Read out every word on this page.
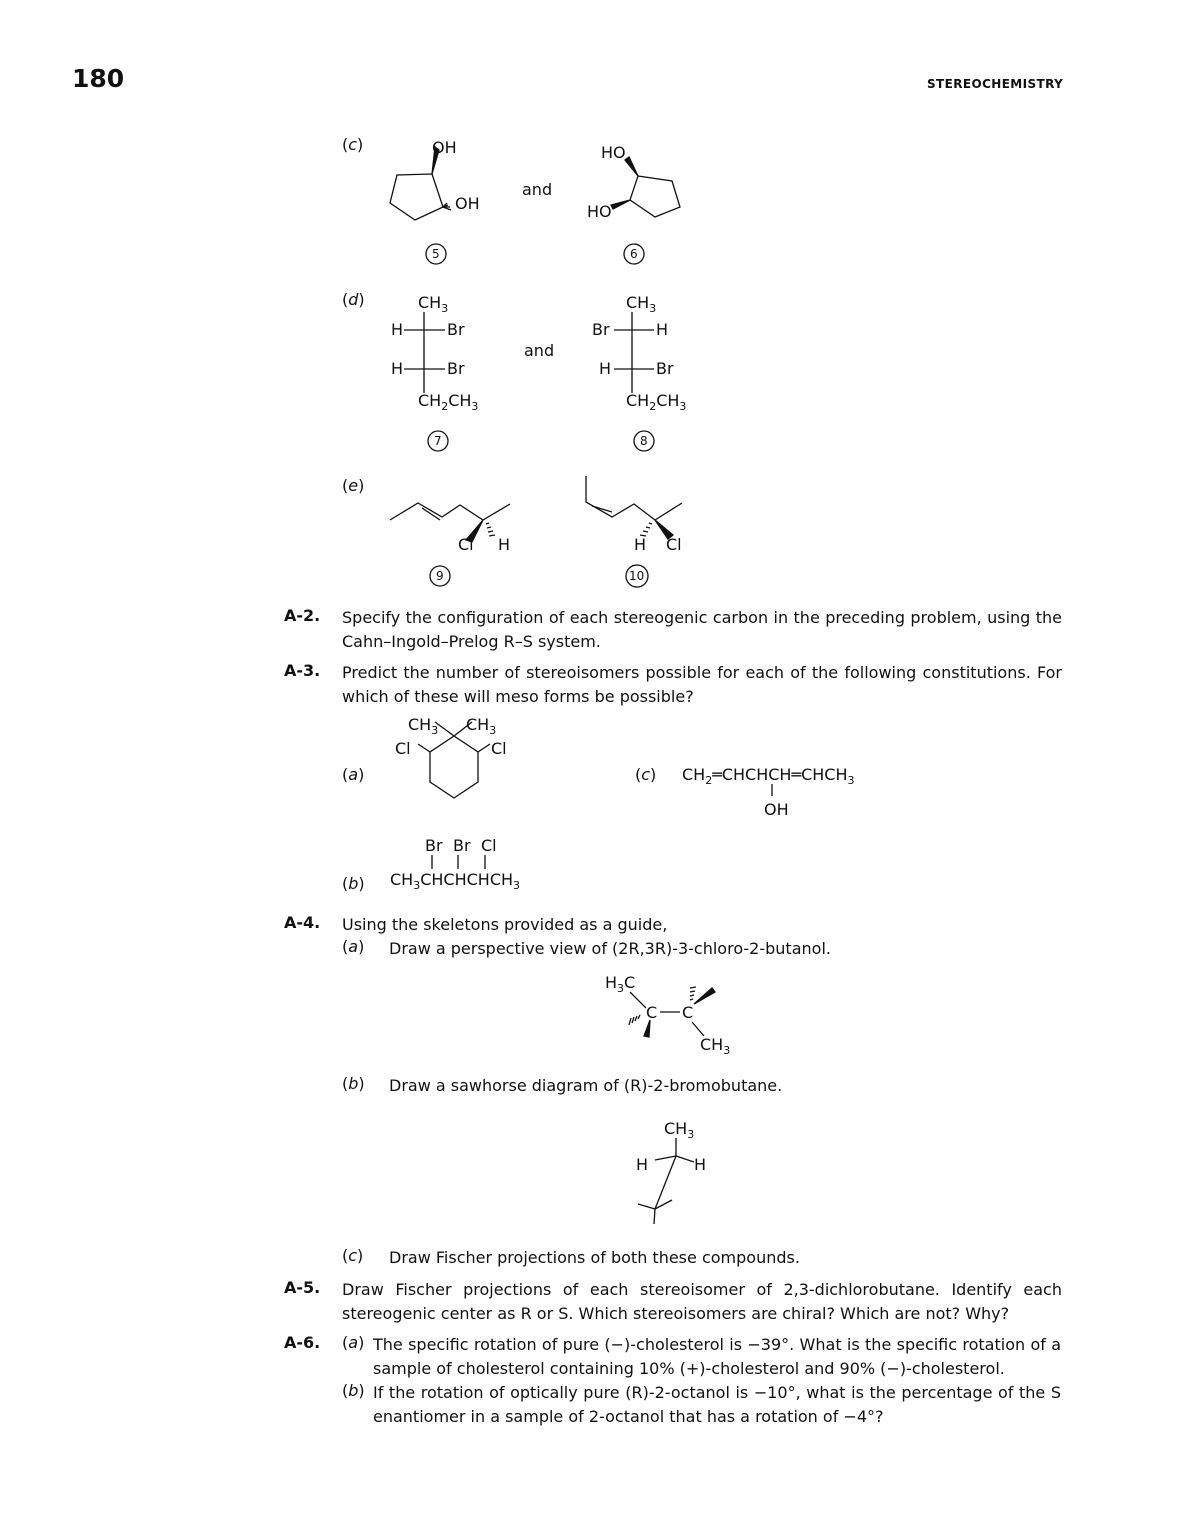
180	STEREOCHEMISTRY
(c)
and
OH
OH
HO
HO
5	6
(d)
and
$CH_3$
H	Br
H	Br
$CH_2CH_3$
$CH_3$
Br	H
H	Br
$CH_2CH_3$
7	8
(e)
Cl H	H Cl
9	10
A-2.	Specify the configuration of each stereogenic carbon in the preceding problem, using the Cahn–Ingold–Prelog R–S system.
A-3.	Predict the number of stereoisomers possible for each of the following constitutions. For which of these will meso forms be possible?
(a)
$CH_3$ $CH_3$
Cl	Cl
(c) $CH_2═CHCHCH═CHCH_3$
OH
(b)
Br Br Cl
$CH_3CHCHCHCH_3$
A-4.	Using the skeletons provided as a guide,
(a) Draw a perspective view of (2R,3R)-3-chloro-2-butanol.
$H_3C$
C C
$CH_3$
(b) Draw a sawhorse diagram of (R)-2-bromobutane.
$CH_3$
H	H
(c) Draw Fischer projections of both these compounds.
A-5.	Draw Fischer projections of each stereoisomer of 2,3-dichlorobutane. Identify each stereogenic center as R or S. Which stereoisomers are chiral? Which are not? Why?
A-6.	(a) The specific rotation of pure (−)-cholesterol is −39°. What is the specific rotation of a sample of cholesterol containing 10% (+)-cholesterol and 90% (−)-cholesterol.
(b) If the rotation of optically pure (R)-2-octanol is −10°, what is the percentage of the S enantiomer in a sample of 2-octanol that has a rotation of −4°?
